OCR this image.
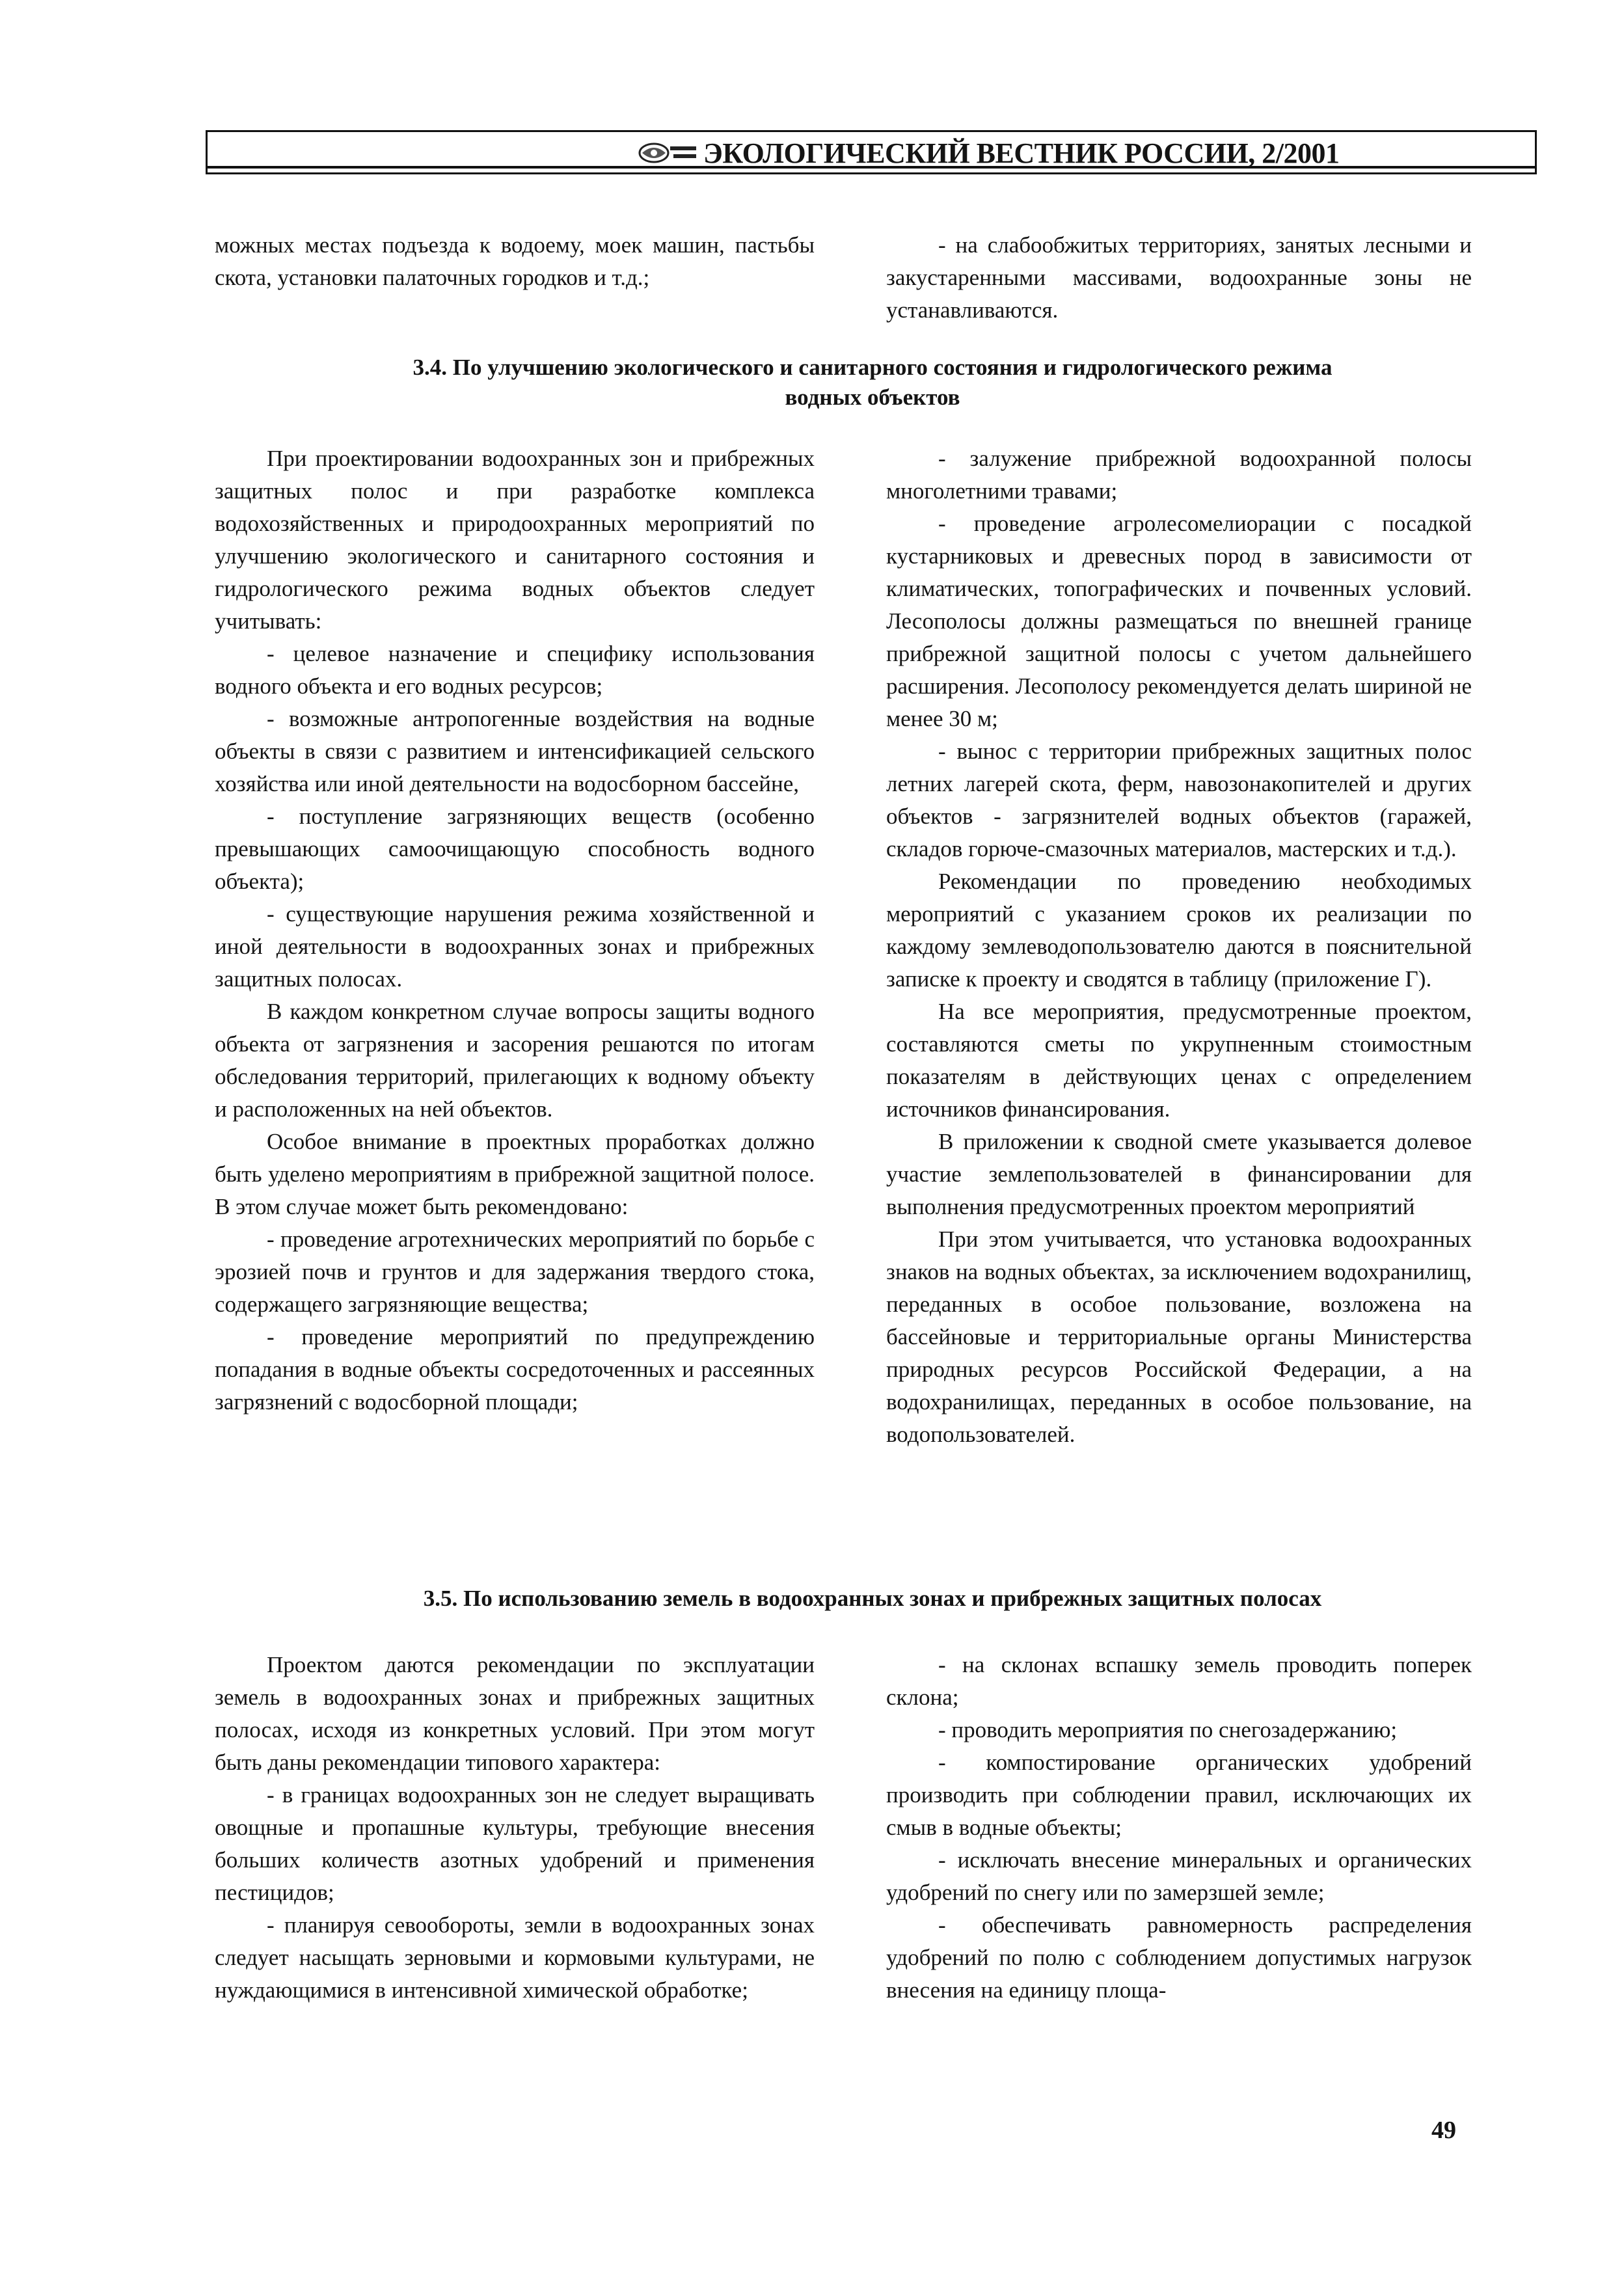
ЭКОЛОГИЧЕСКИЙ ВЕСТНИК РОССИИ, 2/2001

можных местах подъезда к водоему, моек машин, пастьбы скота, установки палаточных городков и т.д.;

- на слабообжитых территориях, занятых лесными и закустаренными массивами, водоохранные зоны не устанавливаются.

3.4. По улучшению экологического и санитарного состояния и гидрологического режима
водных объектов

При проектировании водоохранных зон и прибрежных защитных полос и при разработке комплекса водохозяйственных и природоохранных мероприятий по улучшению экологического и санитарного состояния и гидрологического режима водных объектов следует учитывать:

- целевое назначение и специфику использования водного объекта и его водных ресурсов;

- возможные антропогенные воздействия на водные объекты в связи с развитием и интенсификацией сельского хозяйства или иной деятельности на водосборном бассейне,

- поступление загрязняющих веществ (особенно превышающих самоочищающую способность водного объекта);

- существующие нарушения режима хозяйственной и иной деятельности в водоохранных зонах и прибрежных защитных полосах.

В каждом конкретном случае вопросы защиты водного объекта от загрязнения и засорения решаются по итогам обследования территорий, прилегающих к водному объекту и расположенных на ней объектов.

Особое внимание в проектных проработках должно быть уделено мероприятиям в прибрежной защитной полосе. В этом случае может быть рекомендовано:

- проведение агротехнических мероприятий по борьбе с эрозией почв и грунтов и для задержания твердого стока, содержащего загрязняющие вещества;

- проведение мероприятий по предупреждению попадания в водные объекты сосредоточенных и рассеянных загрязнений с водосборной площади;

- залужение прибрежной водоохранной полосы многолетними травами;

- проведение агролесомелиорации с посадкой кустарниковых и древесных пород в зависимости от климатических, топографических и почвенных условий. Лесополосы должны размещаться по внешней границе прибрежной защитной полосы с учетом дальнейшего расширения. Лесополосу рекомендуется делать шириной не менее 30 м;

- вынос с территории прибрежных защитных полос летних лагерей скота, ферм, навозонакопителей и других объектов - загрязнителей водных объектов (гаражей, складов горюче-смазочных материалов, мастерских и т.д.).

Рекомендации по проведению необходимых мероприятий с указанием сроков их реализации по каждому землеводопользователю даются в пояснительной записке к проекту и сводятся в таблицу (приложение Г).

На все мероприятия, предусмотренные проектом, составляются сметы по укрупненным стоимостным показателям в действующих ценах с определением источников финансирования.

В приложении к сводной смете указывается долевое участие землепользователей в финансировании для выполнения предусмотренных проектом мероприятий

При этом учитывается, что установка водоохранных знаков на водных объектах, за исключением водохранилищ, переданных в особое пользование, возложена на бассейновые и территориальные органы Министерства природных ресурсов Российской Федерации, а на водохранилищах, переданных в особое пользование, на водопользователей.

3.5. По использованию земель в водоохранных зонах и прибрежных защитных полосах

Проектом даются рекомендации по эксплуатации земель в водоохранных зонах и прибрежных защитных полосах, исходя из конкретных условий. При этом могут быть даны рекомендации типового характера:

- в границах водоохранных зон не следует выращивать овощные и пропашные культуры, требующие внесения больших количеств азотных удобрений и применения пестицидов;

- планируя севообороты, земли в водоохранных зонах следует насыщать зерновыми и кормовыми культурами, не нуждающимися в интенсивной химической обработке;

- на склонах вспашку земель проводить поперек склона;

- проводить мероприятия по снегозадержанию;

- компостирование органических удобрений производить при соблюдении правил, исключающих их смыв в водные объекты;

- исключать внесение минеральных и органических удобрений по снегу или по замерзшей земле;

- обеспечивать равномерность распределения удобрений по полю с соблюдением допустимых нагрузок внесения на единицу площа-

49
